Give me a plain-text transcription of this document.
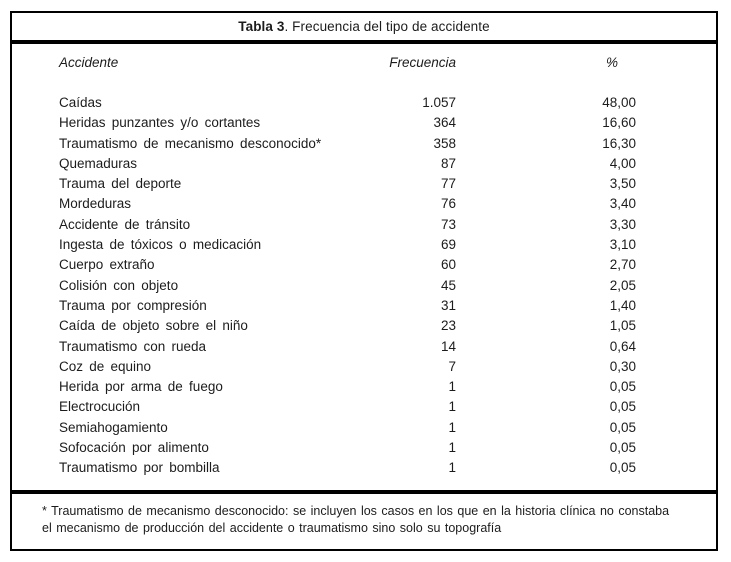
Tabla 3. Frecuencia del tipo de accidente
Accidente	Frecuencia	%
Caídas	1.057	48,00
Heridas punzantes y/o cortantes	364	16,60
Traumatismo de mecanismo desconocido*	358	16,30
Quemaduras	87	4,00
Trauma del deporte	77	3,50
Mordeduras	76	3,40
Accidente de tránsito	73	3,30
Ingesta de tóxicos o medicación	69	3,10
Cuerpo extraño	60	2,70
Colisión con objeto	45	2,05
Trauma por compresión	31	1,40
Caída de objeto sobre el niño	23	1,05
Traumatismo con rueda	14	0,64
Coz de equino	7	0,30
Herida por arma de fuego	1	0,05
Electrocución	1	0,05
Semiahogamiento	1	0,05
Sofocación por alimento	1	0,05
Traumatismo por bombilla	1	0,05
* Traumatismo de mecanismo desconocido: se incluyen los casos en los que en la historia clínica no constaba
el mecanismo de producción del accidente o traumatismo sino solo su topografía
